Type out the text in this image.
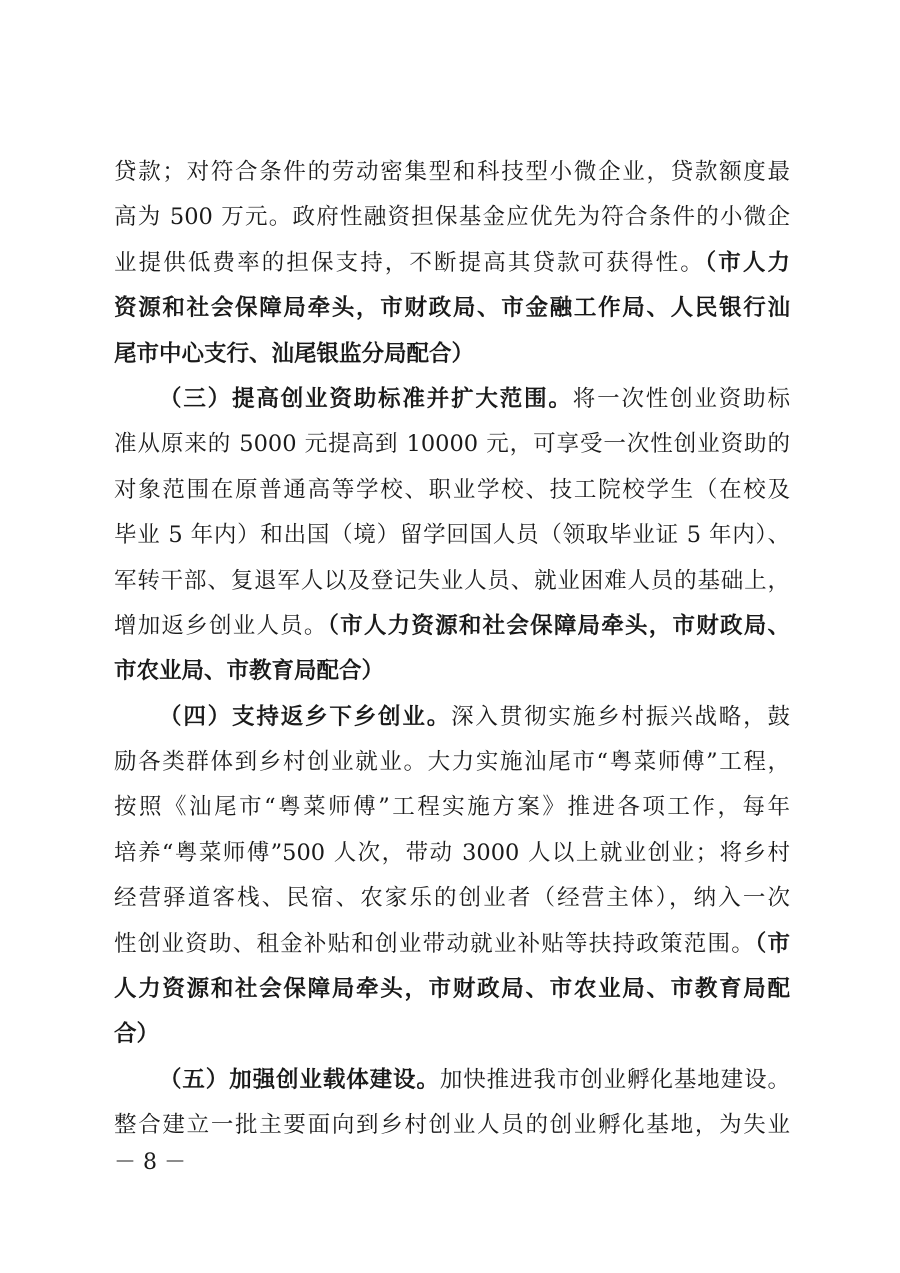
贷款；对符合条件的劳动密集型和科技型小微企业，贷款额度最
高为 500 万元。政府性融资担保基金应优先为符合条件的小微企
业提供低费率的担保支持，不断提高其贷款可获得性。（市人力
资源和社会保障局牵头，市财政局、市金融工作局、人民银行汕
尾市中心支行、汕尾银监分局配合）
（三）提高创业资助标准并扩大范围。将一次性创业资助标
准从原来的 5000 元提高到 10000 元，可享受一次性创业资助的
对象范围在原普通高等学校、职业学校、技工院校学生（在校及
毕业 5 年内）和出国（境）留学回国人员（领取毕业证 5 年内）、
军转干部、复退军人以及登记失业人员、就业困难人员的基础上，
增加返乡创业人员。（市人力资源和社会保障局牵头，市财政局、
市农业局、市教育局配合）
（四）支持返乡下乡创业。深入贯彻实施乡村振兴战略，鼓
励各类群体到乡村创业就业。大力实施汕尾市“粤菜师傅”工程，
按照《汕尾市“粤菜师傅”工程实施方案》推进各项工作，每年
培养“粤菜师傅”500 人次，带动 3000 人以上就业创业；将乡村
经营驿道客栈、民宿、农家乐的创业者（经营主体），纳入一次
性创业资助、租金补贴和创业带动就业补贴等扶持政策范围。（市
人力资源和社会保障局牵头，市财政局、市农业局、市教育局配
合）
（五）加强创业载体建设。加快推进我市创业孵化基地建设。
整合建立一批主要面向到乡村创业人员的创业孵化基地，为失业
－ 8 －
